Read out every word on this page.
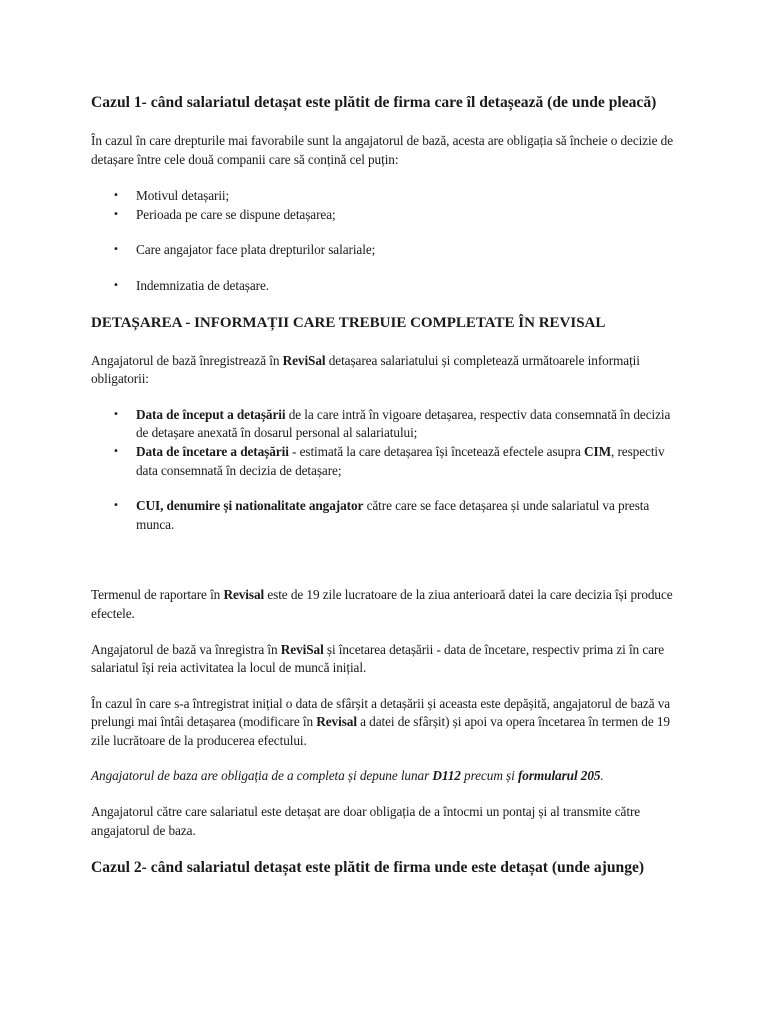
Cazul 1- când salariatul detașat este plătit de firma care îl detașează (de unde pleacă)

În cazul în care drepturile mai favorabile sunt la angajatorul de bază, acesta are obligația să încheie o decizie de detașare între cele două companii care să conțină cel puțin:

• Motivul detașarii;
• Perioada pe care se dispune detașarea;
• Care angajator face plata drepturilor salariale;
• Indemnizatia de detașare.
DETAȘAREA - INFORMAȚII CARE TREBUIE COMPLETATE ÎN REVISAL

Angajatorul de bază înregistrează în ReviSal detașarea salariatului și completează următoarele informații obligatorii:

• Data de început a detașării de la care intră în vigoare detașarea, respectiv data consemnată în decizia de detașare anexată în dosarul personal al salariatului;
• Data de încetare a detașării - estimată la care detașarea își încetează efectele asupra CIM, respectiv data consemnată în decizia de detașare;
• CUI, denumire și nationalitate angajator către care se face detașarea și unde salariatul va presta munca.

Termenul de raportare în Revisal este de 19 zile lucratoare de la ziua anterioară datei la care decizia își produce efectele.

Angajatorul de bază va înregistra în ReviSal și încetarea detașării - data de încetare, respectiv prima zi în care salariatul își reia activitatea la locul de muncă inițial.

În cazul în care s-a întregistrat inițial o data de sfârșit a detașării și aceasta este depășită, angajatorul de bază va prelungi mai întâi detașarea (modificare în Revisal a datei de sfârșit) și apoi va opera încetarea în termen de 19 zile lucrătoare de la producerea efectului.

Angajatorul de baza are obligația de a completa și depune lunar D112 precum și formularul 205.

Angajatorul către care salariatul este detașat are doar obligația de a întocmi un pontaj și al transmite către angajatorul de baza.

Cazul 2- când salariatul detașat este plătit de firma unde este detașat (unde ajunge)
